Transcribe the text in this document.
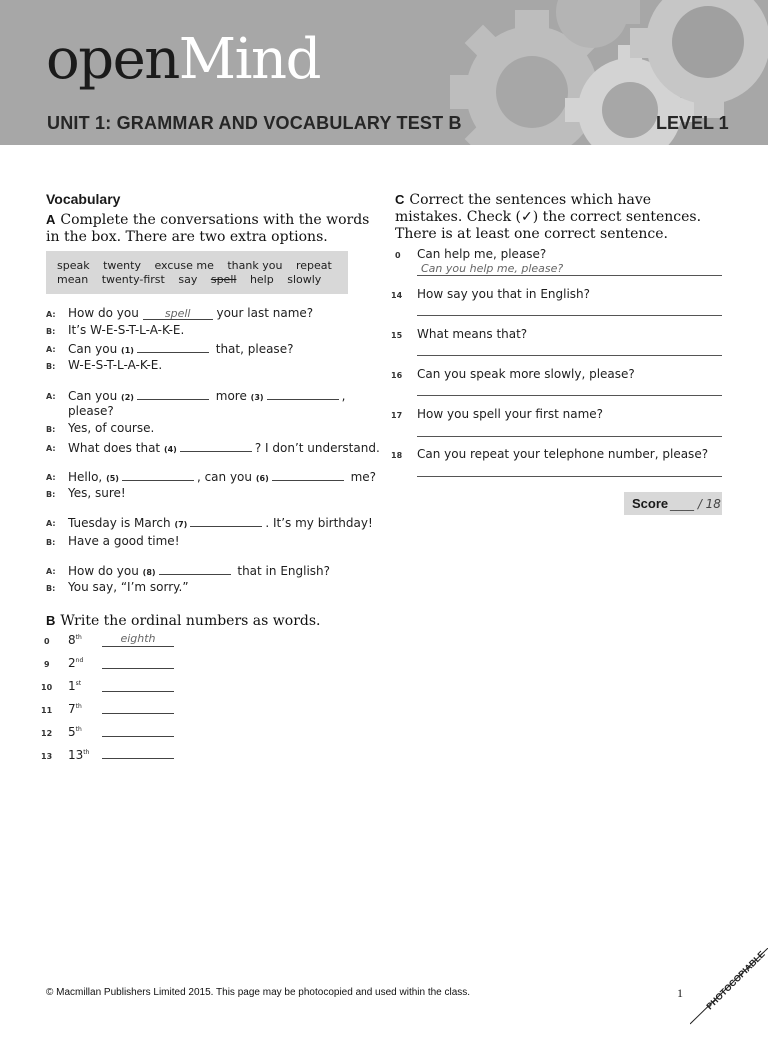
openMind
UNIT 1: GRAMMAR AND VOCABULARY TEST B	LEVEL 1
Vocabulary
A Complete the conversations with the words
in the box. There are two extra options.
speak twenty excuse me thank you repeat
mean twenty-first say spell help slowly
A: How do you spell your last name?
B: It’s W-E-S-T-L-A-K-E.
A: Can you (1)	that, please?
B: W-E-S-T-L-A-K-E.
A: Can you (2)	more (3)	,
please?
B: Yes, of course.
A: What does that (4)	? I don’t understand.
A: Hello, (5)	, can you (6)	me?
B: Yes, sure!
A: Tuesday is March (7)	. It’s my birthday!
B: Have a good time!
A: How do you (8)	that in English?
B: You say, “I’m sorry.”
B Write the ordinal numbers as words.
0 8th	eighth
9 2nd
10 1st
11 7th
12 5th
13 13th
C Correct the sentences which have
mistakes. Check (✓) the correct sentences.
There is at least one correct sentence.
0 Can help me, please?
Can you help me, please?
14 How say you that in English?
15 What means that?
16 Can you speak more slowly, please?
17 How you spell your first name?
18 Can you repeat your telephone number, please?
Score ____ / 18
© Macmillan Publishers Limited 2015. This page may be photocopied and used within the class.	1 PHOTOCOPIABLE
